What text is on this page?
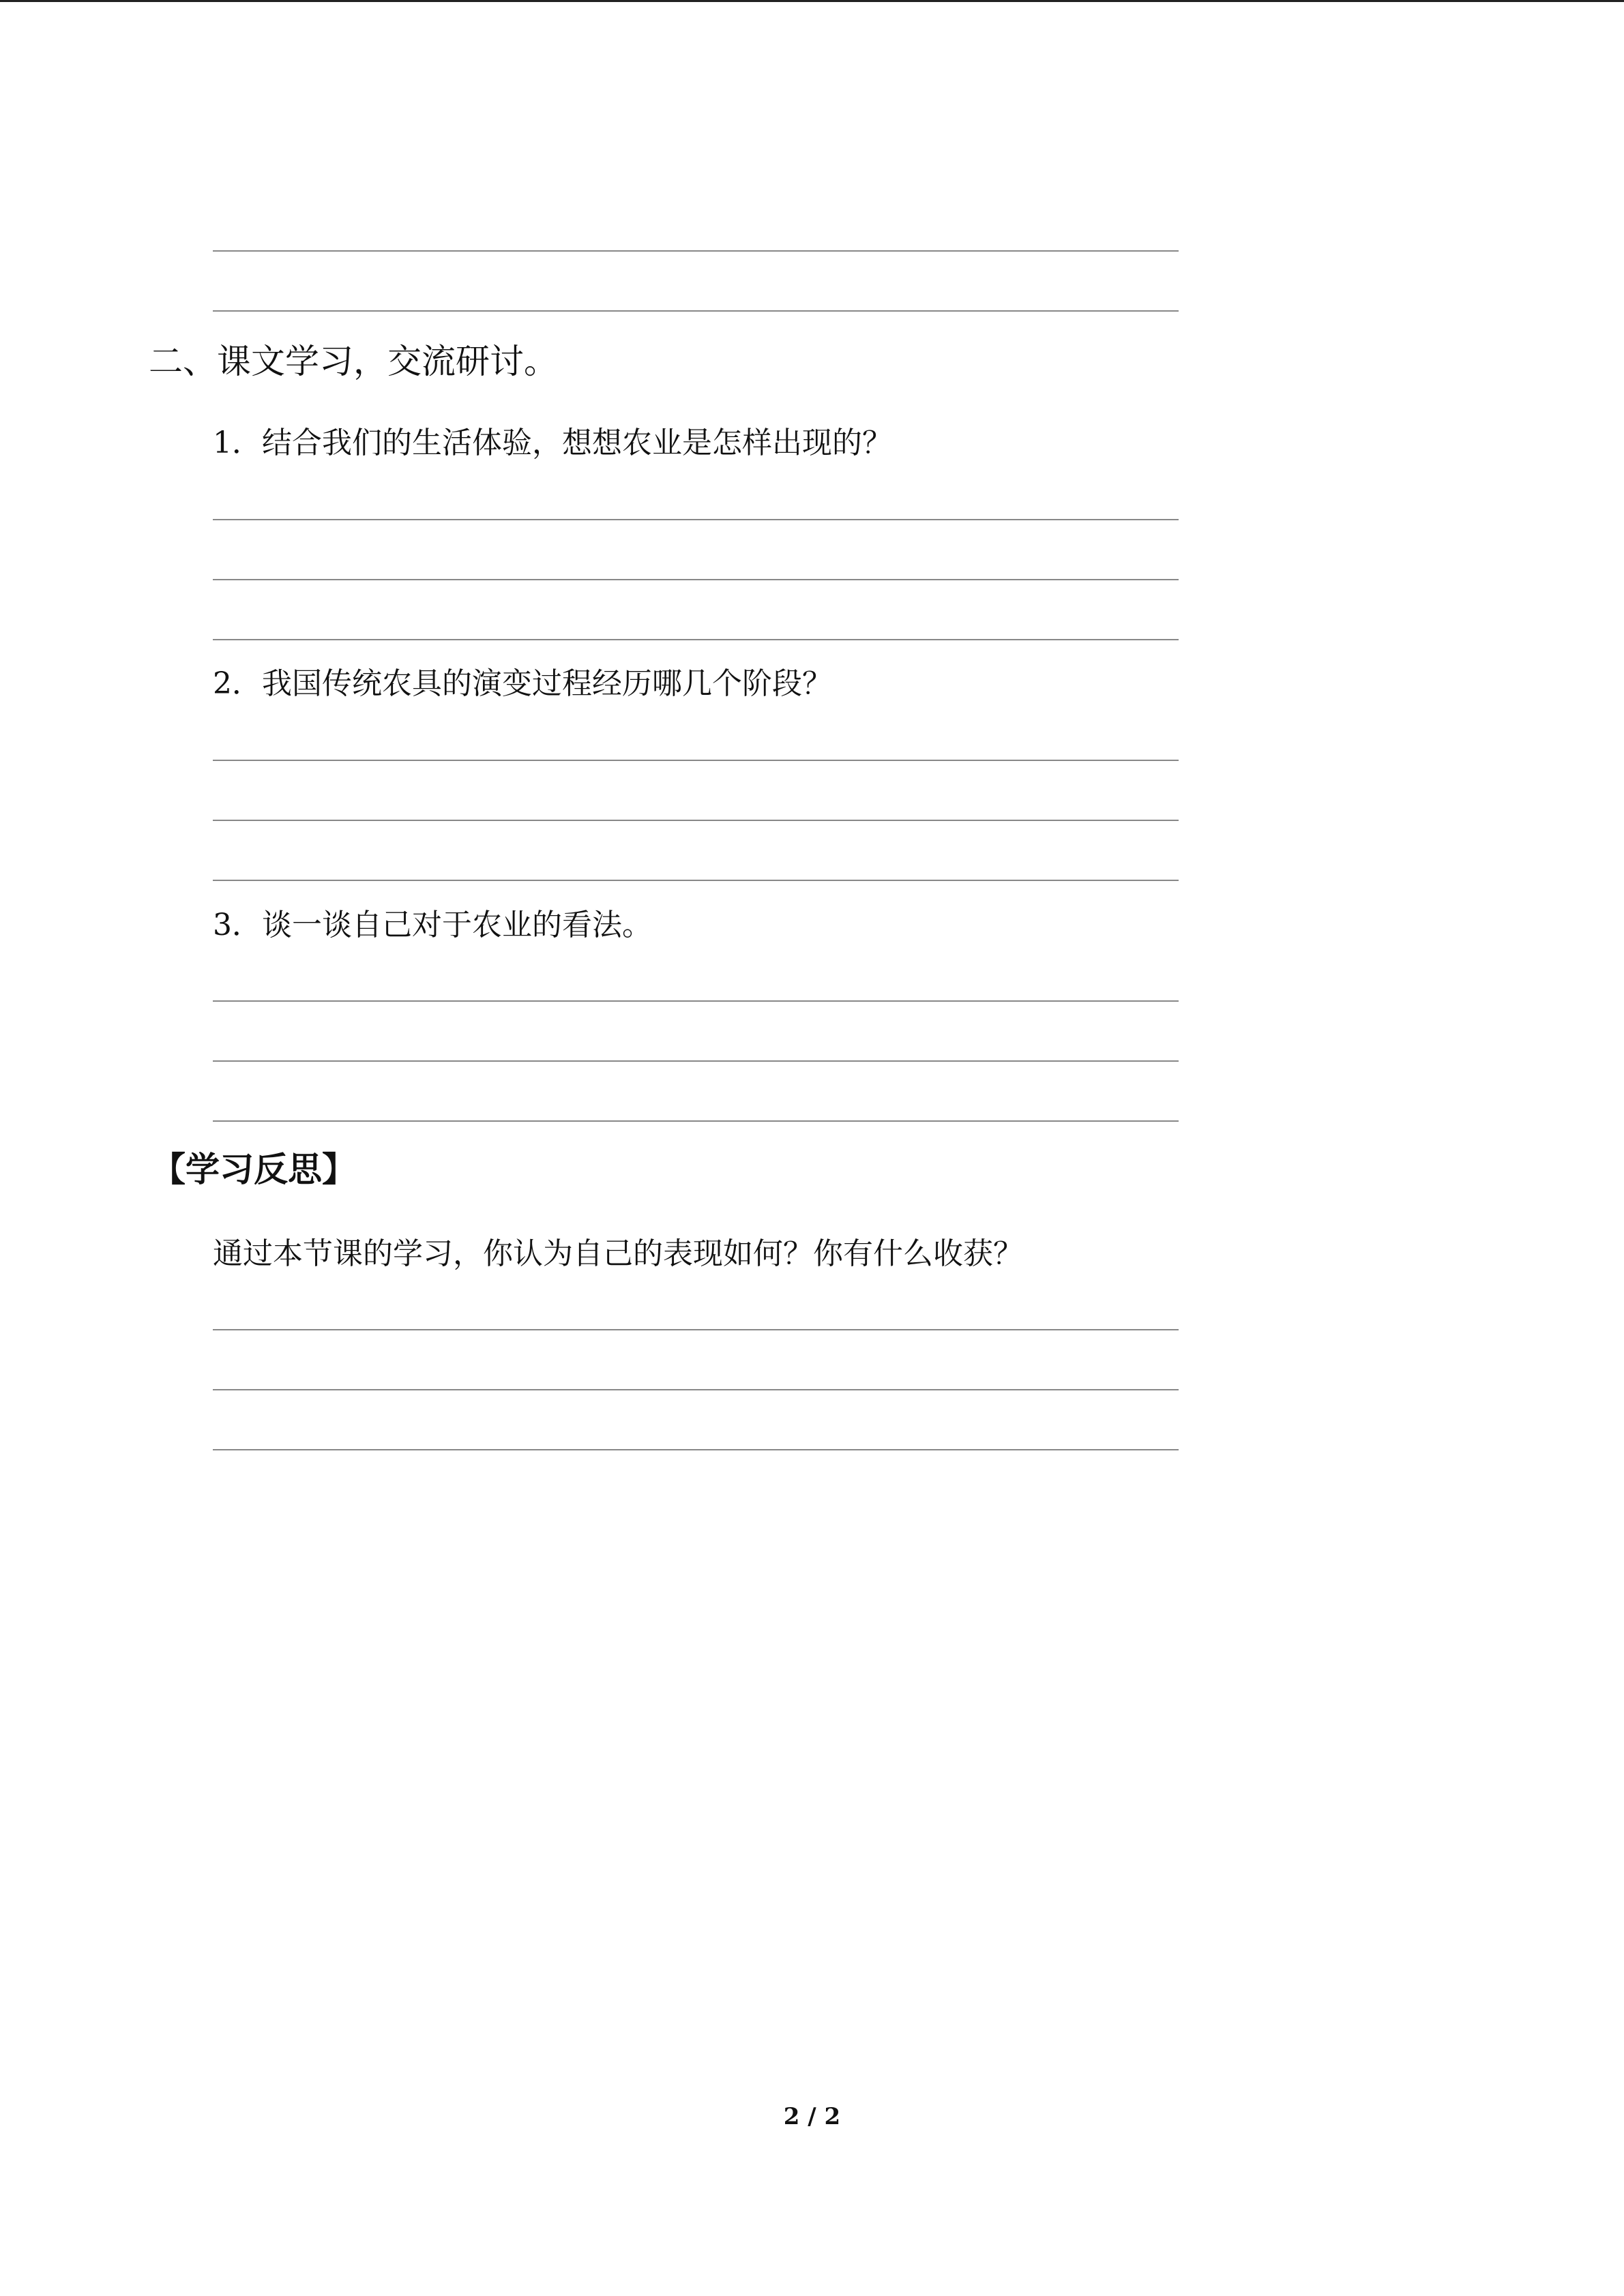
二、课文学习，交流研讨。
1．结合我们的生活体验，想想农业是怎样出现的？
2．我国传统农具的演变过程经历哪几个阶段？
3．谈一谈自己对于农业的看法。
【学习反思】
通过本节课的学习，你认为自己的表现如何？你有什么收获？
2 / 2
